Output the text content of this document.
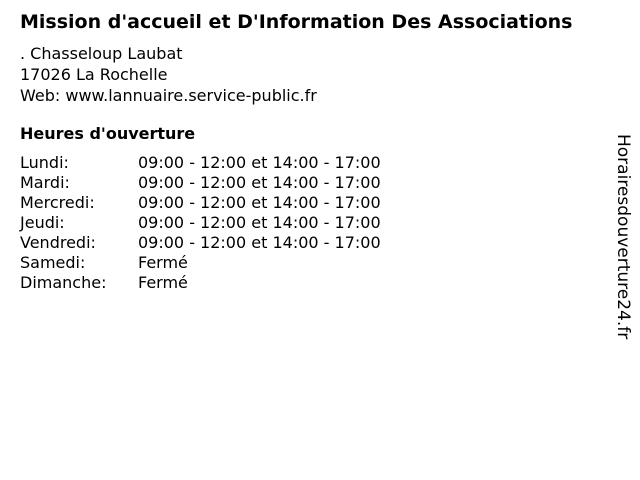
Mission d'accueil et D'Information Des Associations
. Chasseloup Laubat
17026 La Rochelle
Web: www.lannuaire.service-public.fr
Heures d'ouverture
Lundi:	09:00 - 12:00 et 14:00 - 17:00
Mardi:	09:00 - 12:00 et 14:00 - 17:00
Mercredi:	09:00 - 12:00 et 14:00 - 17:00
Jeudi:	09:00 - 12:00 et 14:00 - 17:00
Vendredi:	09:00 - 12:00 et 14:00 - 17:00
Samedi:	Fermé
Dimanche: Fermé	Horairesdouverture24.fr
